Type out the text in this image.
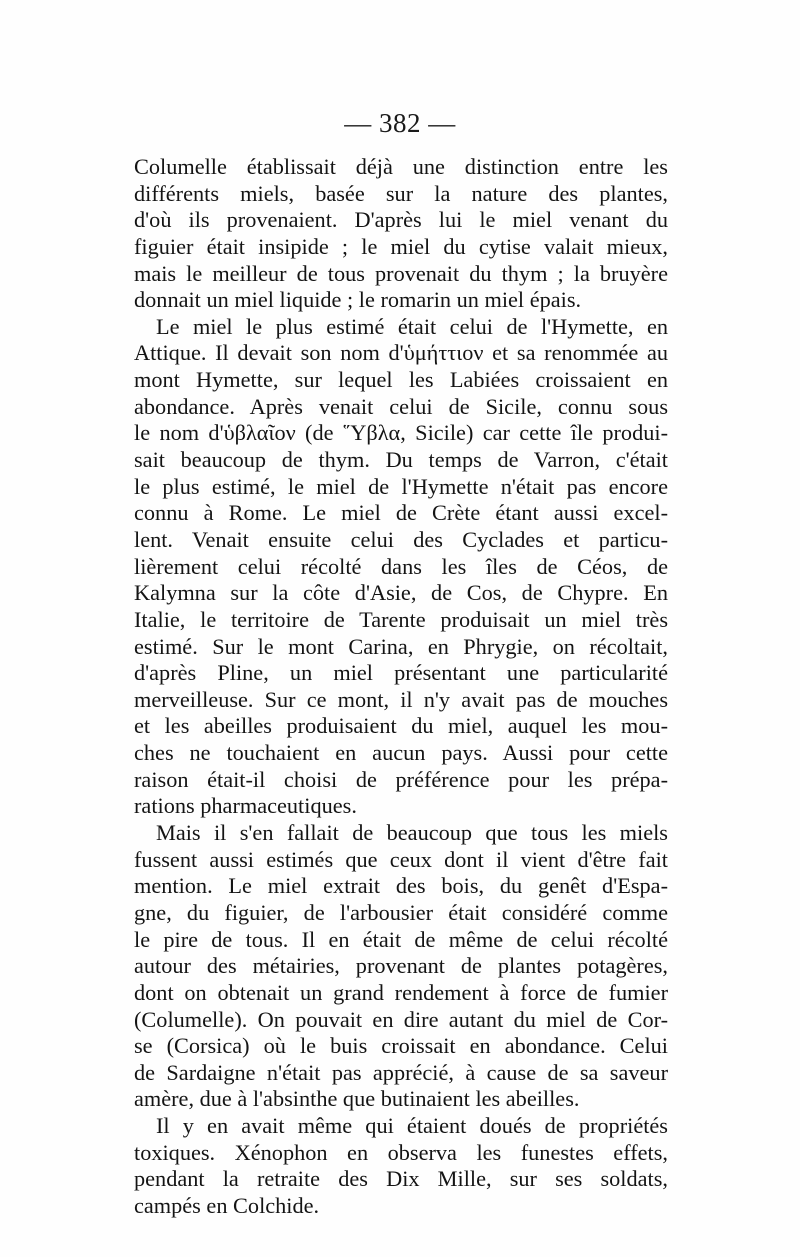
— 382 —
Columelle établissait déjà une distinction entre les
différents miels, basée sur la nature des plantes,
d'où ils provenaient. D'après lui le miel venant du
figuier était insipide ; le miel du cytise valait mieux,
mais le meilleur de tous provenait du thym ; la bruyère
donnait un miel liquide ; le romarin un miel épais.
Le miel le plus estimé était celui de l'Hymette, en
Attique. Il devait son nom d'ὑμήττιον et sa renommée au
mont Hymette, sur lequel les Labiées croissaient en
abondance. Après venait celui de Sicile, connu sous
le nom d'ὑβλαῖον (de ῞Υβλα, Sicile) car cette île produi-
sait beaucoup de thym. Du temps de Varron, c'était
le plus estimé, le miel de l'Hymette n'était pas encore
connu à Rome. Le miel de Crète étant aussi excel-
lent. Venait ensuite celui des Cyclades et particu-
lièrement celui récolté dans les îles de Céos, de
Kalymna sur la côte d'Asie, de Cos, de Chypre. En
Italie, le territoire de Tarente produisait un miel très
estimé. Sur le mont Carina, en Phrygie, on récoltait,
d'après Pline, un miel présentant une particularité
merveilleuse. Sur ce mont, il n'y avait pas de mouches
et les abeilles produisaient du miel, auquel les mou-
ches ne touchaient en aucun pays. Aussi pour cette
raison était-il choisi de préférence pour les prépa-
rations pharmaceutiques.
Mais il s'en fallait de beaucoup que tous les miels
fussent aussi estimés que ceux dont il vient d'être fait
mention. Le miel extrait des bois, du genêt d'Espa-
gne, du figuier, de l'arbousier était considéré comme
le pire de tous. Il en était de même de celui récolté
autour des métairies, provenant de plantes potagères,
dont on obtenait un grand rendement à force de fumier
(Columelle). On pouvait en dire autant du miel de Cor-
se (Corsica) où le buis croissait en abondance. Celui
de Sardaigne n'était pas apprécié, à cause de sa saveur
amère, due à l'absinthe que butinaient les abeilles.
Il y en avait même qui étaient doués de propriétés
toxiques. Xénophon en observa les funestes effets,
pendant la retraite des Dix Mille, sur ses soldats,
campés en Colchide.
